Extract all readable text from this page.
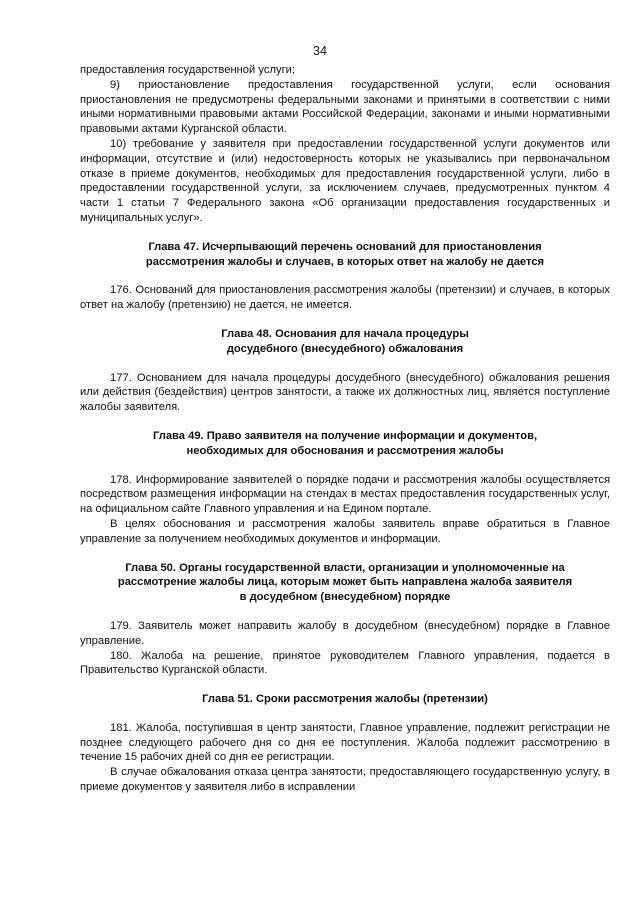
34

предоставления государственной услуги;

9) приостановление предоставления государственной услуги, если основания приостановления не предусмотрены федеральными законами и принятыми в соответствии с ними иными нормативными правовыми актами Российской Федерации, законами и иными нормативными правовыми актами Курганской области.

10) требование у заявителя при предоставлении государственной услуги документов или информации, отсутствие и (или) недостоверность которых не указывались при первоначальном отказе в приеме документов, необходимых для предоставления государственной услуги, либо в предоставлении государственной услуги, за исключением случаев, предусмотренных пунктом 4 части 1 статьи 7 Федерального закона «Об организации предоставления государственных и муниципальных услуг».

Глава 47. Исчерпывающий перечень оснований для приостановления
рассмотрения жалобы и случаев, в которых ответ на жалобу не дается

176. Оснований для приостановления рассмотрения жалобы (претензии) и случаев, в которых ответ на жалобу (претензию) не дается, не имеется.

Глава 48. Основания для начала процедуры
досудебного (внесудебного) обжалования

177. Основанием для начала процедуры досудебного (внесудебного) обжалования решения или действия (бездействия) центров занятости, а также их должностных лиц, является поступление жалобы заявителя.

Глава 49. Право заявителя на получение информации и документов,
необходимых для обоснования и рассмотрения жалобы

178. Информирование заявителей о порядке подачи и рассмотрения жалобы осуществляется посредством размещения информации на стендах в местах предоставления государственных услуг, на официальном сайте Главного управления и на Едином портале.

В целях обоснования и рассмотрения жалобы заявитель вправе обратиться в Главное управление за получением необходимых документов и информации.

Глава 50. Органы государственной власти, организации и уполномоченные на
рассмотрение жалобы лица, которым может быть направлена жалоба заявителя
в досудебном (внесудебном) порядке

179. Заявитель может направить жалобу в досудебном (внесудебном) порядке в Главное управление.

180. Жалоба на решение, принятое руководителем Главного управления, подается в Правительство Курганской области.

Глава 51. Сроки рассмотрения жалобы (претензии)

181. Жалоба, поступившая в центр занятости, Главное управление, подлежит регистрации не позднее следующего рабочего дня со дня ее поступления. Жалоба подлежит рассмотрению в течение 15 рабочих дней со дня ее регистрации.

В случае обжалования отказа центра занятости, предоставляющего государственную услугу, в приеме документов у заявителя либо в исправлении
